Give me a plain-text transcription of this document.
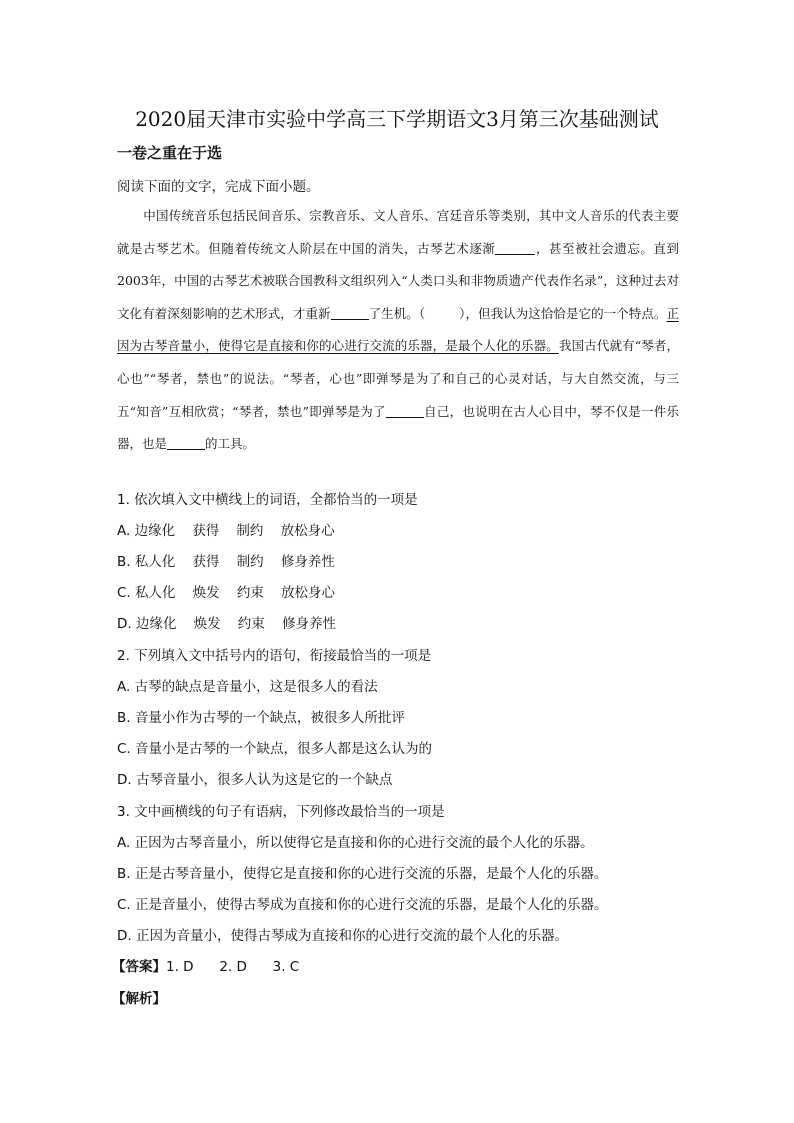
2020届天津市实验中学高三下学期语文3月第三次基础测试
一卷之重在于选
阅读下面的文字，完成下面小题。

中国传统音乐包括民间音乐、宗教音乐、文人音乐、宫廷音乐等类别，其中文人音乐的代表主要就是古琴艺术。但随着传统文人阶层在中国的消失，古琴艺术逐渐	，甚至被社会遗忘。直到2003年，中国的古琴艺术被联合国教科文组织列入“人类口头和非物质遗产代表作名录”，这种过去对文化有着深刻影响的艺术形式，才重新	了生机。（	），但我认为这恰恰是它的一个特点。正因为古琴音量小，使得它是直接和你的心进行交流的乐器，是最个人化的乐器。我国古代就有“琴者，心也”“琴者，禁也”的说法。“琴者，心也”即弹琴是为了和自己的心灵对话，与大自然交流，与三五“知音”互相欣赏；“琴者，禁也”即弹琴是为了	自己，也说明在古人心目中，琴不仅是一件乐器，也是	的工具。

1. 依次填入文中横线上的词语，全都恰当的一项是
A. 边缘化    获得    制约    放松身心
B. 私人化    获得    制约    修身养性
C. 私人化    焕发    约束    放松身心
D. 边缘化    焕发    约束    修身养性
2. 下列填入文中括号内的语句，衔接最恰当的一项是
A. 古琴的缺点是音量小，这是很多人的看法
B. 音量小作为古琴的一个缺点，被很多人所批评
C. 音量小是古琴的一个缺点，很多人都是这么认为的
D. 古琴音量小，很多人认为这是它的一个缺点
3. 文中画横线的句子有语病，下列修改最恰当的一项是
A. 正因为古琴音量小，所以使得它是直接和你的心进行交流的最个人化的乐器。
B. 正是古琴音量小，使得它是直接和你的心进行交流的乐器，是最个人化的乐器。
C. 正是音量小，使得古琴成为直接和你的心进行交流的乐器，是最个人化的乐器。
D. 正因为音量小，使得古琴成为直接和你的心进行交流的最个人化的乐器。
【答案】1. D      2. D      3. C
【解析】
